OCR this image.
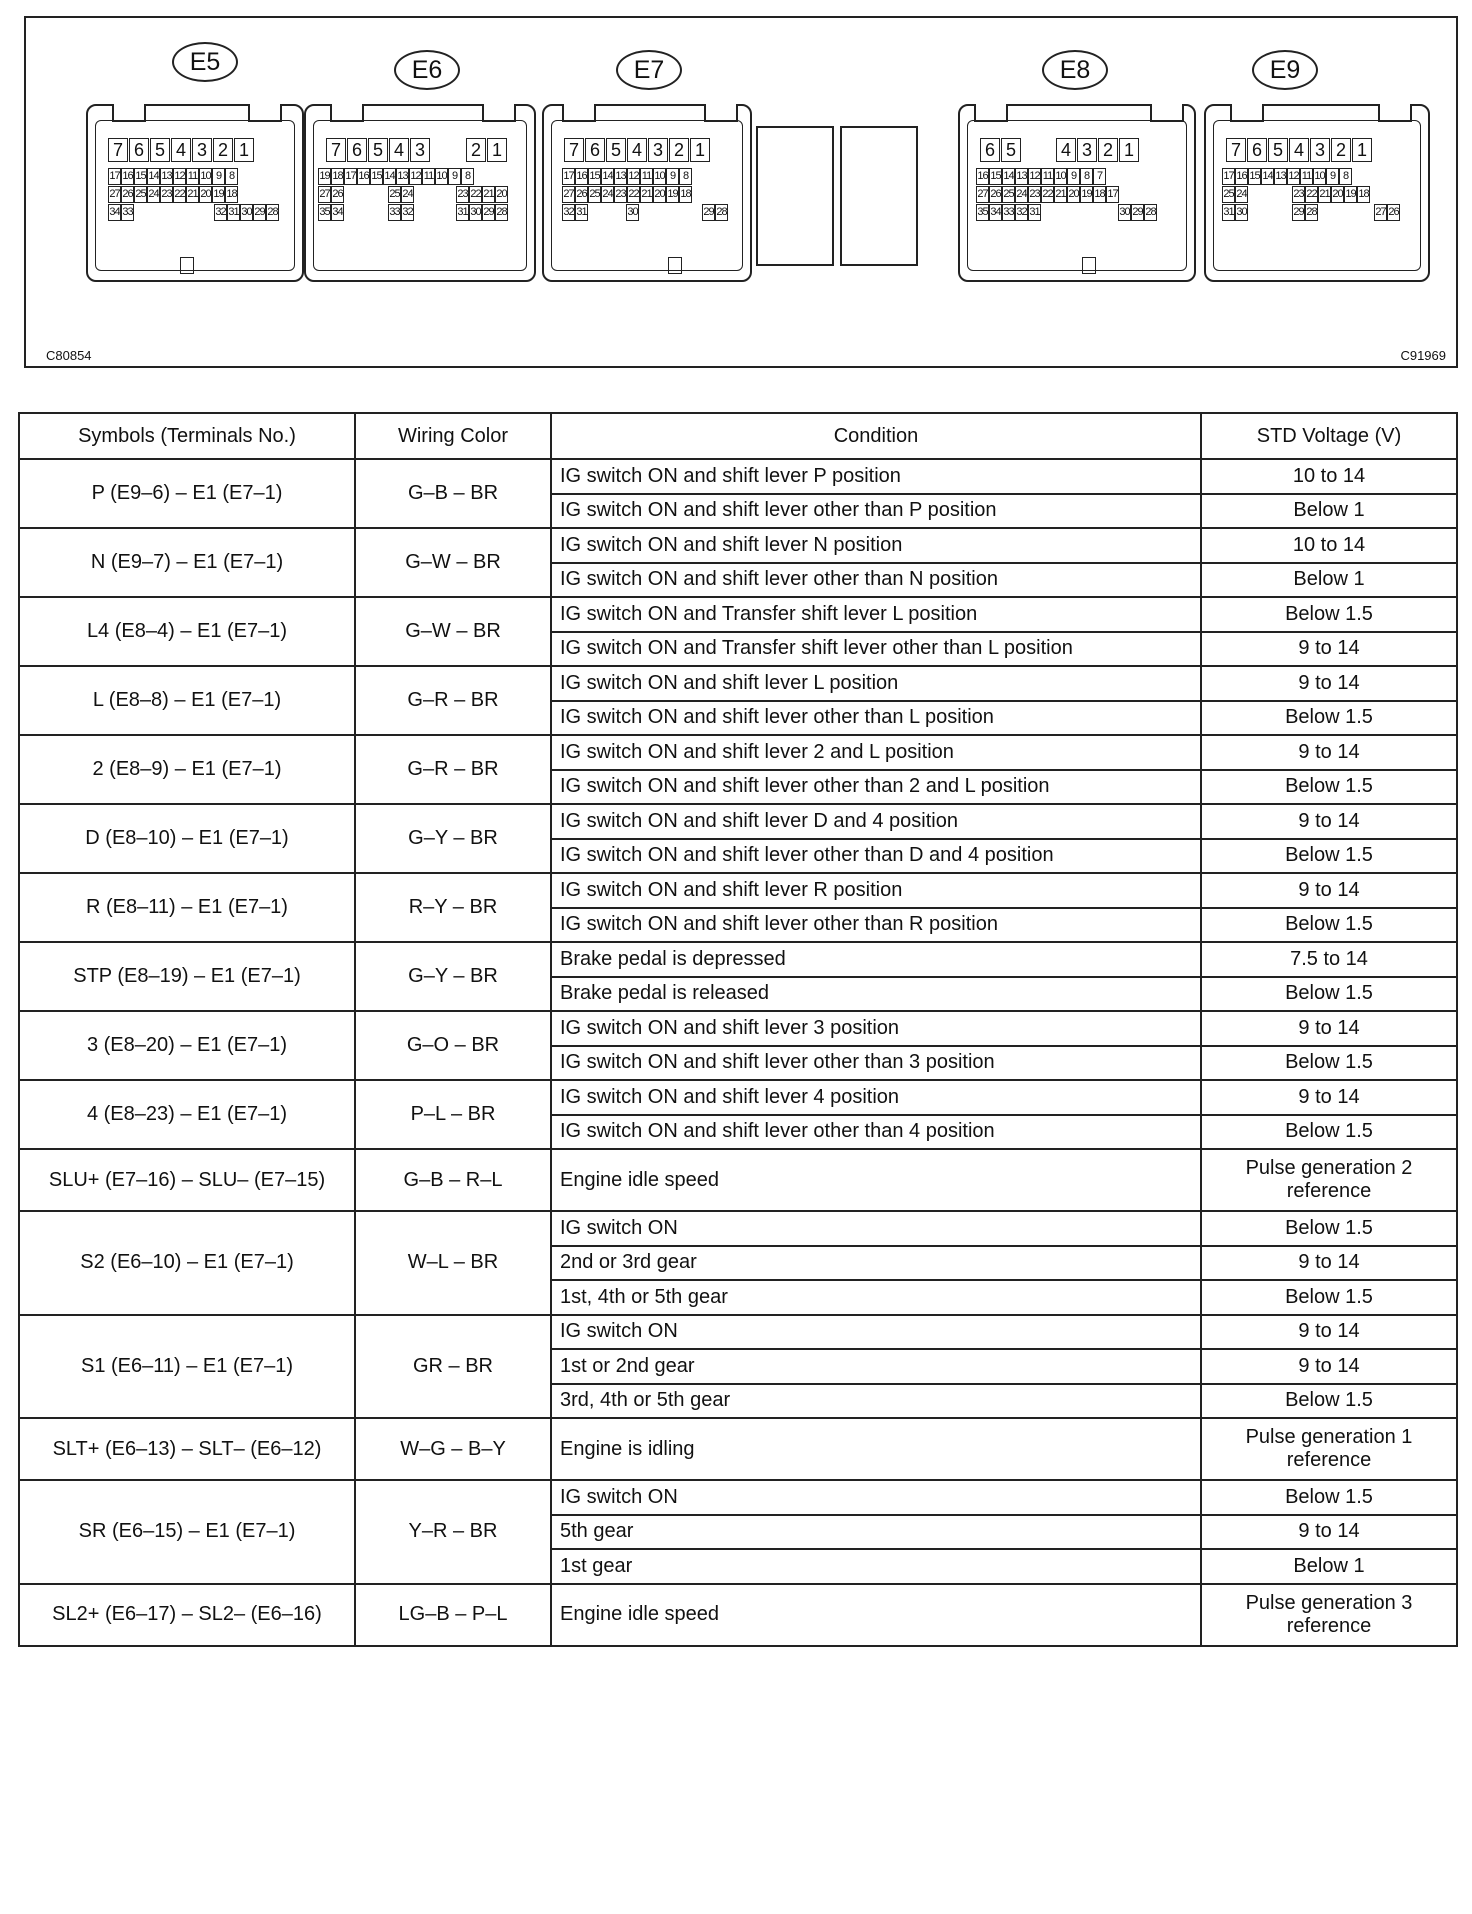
E5	E6	E7	E8	E9
7 6 5 4 3 2 1
17 16 15 14 13 12 11 10 9 8
27 26 25 24 23 22 21 20 19 18
34 33	32 31 30 29 28
7 6 5 4 3	2 1
19 18 17 16 15 14 13 12 11 10 9 8
27 26	25 24	23 22 21 20
35 34	33 32	31 30 29 28
7 6 5 4 3 2 1
17 16 15 14 13 12 11 10 9 8
27 26 25 24 23 22 21 20 19 18
32 31	30	29 28
6 5 4 3 2 1
16 15 14 13 12 11 10 9 8 7
27 26 25 24 23 22 21 20 19 18 17
35 34 33 32 31	30 29 28
7 6 5 4 3 2 1
17 16 15 14 13 12 11 10 9 8
25 24	23 22 21 20 19 18
31 30	29 28	27 26
C80854	C91969
Symbols (Terminals No.)	Wiring Color	Condition	STD Voltage (V)
P (E9–6) – E1 (E7–1)	G–B – BR	IG switch ON and shift lever P position	10 to 14
		IG switch ON and shift lever other than P position	Below 1
N (E9–7) – E1 (E7–1)	G–W – BR	IG switch ON and shift lever N position	10 to 14
		IG switch ON and shift lever other than N position	Below 1
L4 (E8–4) – E1 (E7–1)	G–W – BR	IG switch ON and Transfer shift lever L position	Below 1.5
		IG switch ON and Transfer shift lever other than L position	9 to 14
L (E8–8) – E1 (E7–1)	G–R – BR	IG switch ON and shift lever L position	9 to 14
		IG switch ON and shift lever other than L position	Below 1.5
2 (E8–9) – E1 (E7–1)	G–R – BR	IG switch ON and shift lever 2 and L position	9 to 14
		IG switch ON and shift lever other than 2 and L position	Below 1.5
D (E8–10) – E1 (E7–1)	G–Y – BR	IG switch ON and shift lever D and 4 position	9 to 14
		IG switch ON and shift lever other than D and 4 position	Below 1.5
R (E8–11) – E1 (E7–1)	R–Y – BR	IG switch ON and shift lever R position	9 to 14
		IG switch ON and shift lever other than R position	Below 1.5
STP (E8–19) – E1 (E7–1)	G–Y – BR	Brake pedal is depressed	7.5 to 14
		Brake pedal is released	Below 1.5
3 (E8–20) – E1 (E7–1)	G–O – BR	IG switch ON and shift lever 3 position	9 to 14
		IG switch ON and shift lever other than 3 position	Below 1.5
4 (E8–23) – E1 (E7–1)	P–L – BR	IG switch ON and shift lever 4 position	9 to 14
		IG switch ON and shift lever other than 4 position	Below 1.5
SLU+ (E7–16) – SLU– (E7–15)	G–B – R–L	Engine idle speed	Pulse generation 2 reference
S2 (E6–10) – E1 (E7–1)	W–L – BR	IG switch ON	Below 1.5
		2nd or 3rd gear	9 to 14
		1st, 4th or 5th gear	Below 1.5
S1 (E6–11) – E1 (E7–1)	GR – BR	IG switch ON	9 to 14
		1st or 2nd gear	9 to 14
		3rd, 4th or 5th gear	Below 1.5
SLT+ (E6–13) – SLT– (E6–12)	W–G – B–Y	Engine is idling	Pulse generation 1 reference
SR (E6–15) – E1 (E7–1)	Y–R – BR	IG switch ON	Below 1.5
		5th gear	9 to 14
		1st gear	Below 1
SL2+ (E6–17) – SL2– (E6–16)	LG–B – P–L	Engine idle speed	Pulse generation 3 reference
